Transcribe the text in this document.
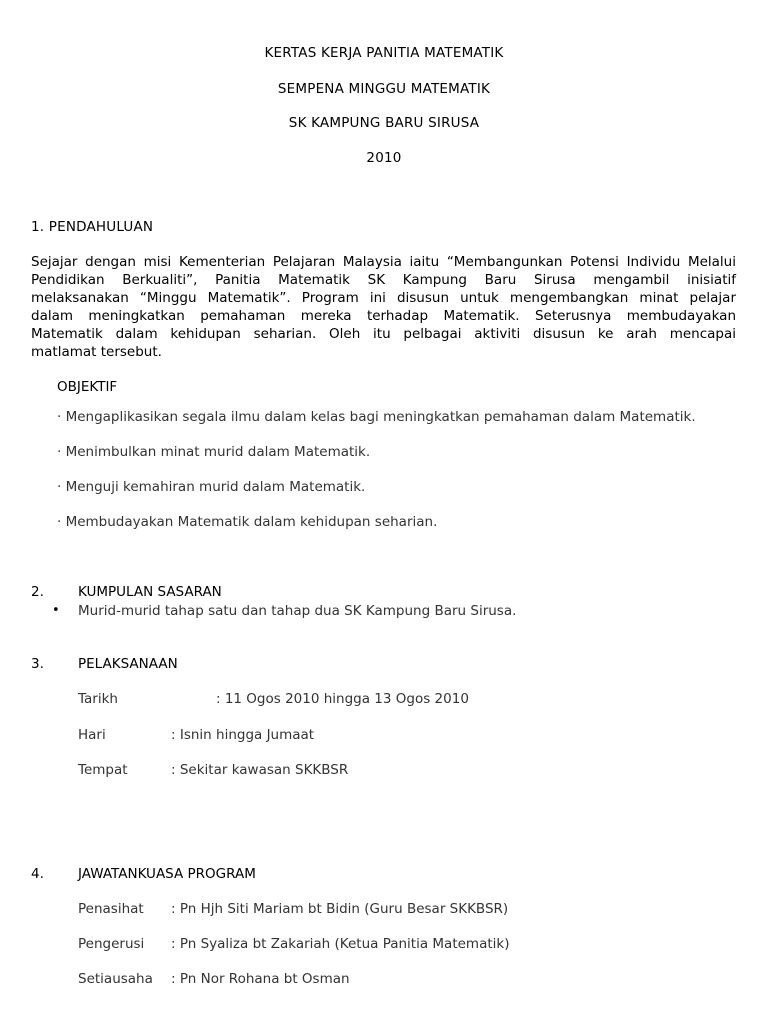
KERTAS KERJA PANITIA MATEMATIK
SEMPENA MINGGU MATEMATIK
SK KAMPUNG BARU SIRUSA
2010
1. PENDAHULUAN
Sejajar dengan misi Kementerian Pelajaran Malaysia iaitu “Membangunkan Potensi Individu Melalui
Pendidikan Berkualiti”, Panitia Matematik SK Kampung Baru Sirusa mengambil inisiatif
melaksanakan “Minggu Matematik”. Program ini disusun untuk mengembangkan minat pelajar
dalam meningkatkan pemahaman mereka terhadap Matematik. Seterusnya membudayakan
Matematik dalam kehidupan seharian. Oleh itu pelbagai aktiviti disusun ke arah mencapai
matlamat tersebut.
OBJEKTIF
· Mengaplikasikan segala ilmu dalam kelas bagi meningkatkan pemahaman dalam Matematik.
· Menimbulkan minat murid dalam Matematik.
· Menguji kemahiran murid dalam Matematik.
· Membudayakan Matematik dalam kehidupan seharian.
2.	KUMPULAN SASARAN
• Murid-murid tahap satu dan tahap dua SK Kampung Baru Sirusa.
3.	PELAKSANAAN
Tarikh	: 11 Ogos 2010 hingga 13 Ogos 2010
Hari	: Isnin hingga Jumaat
Tempat	: Sekitar kawasan SKKBSR
4.	JAWATANKUASA PROGRAM
Penasihat : Pn Hjh Siti Mariam bt Bidin (Guru Besar SKKBSR)
Pengerusi : Pn Syaliza bt Zakariah (Ketua Panitia Matematik)
Setiausaha : Pn Nor Rohana bt Osman
